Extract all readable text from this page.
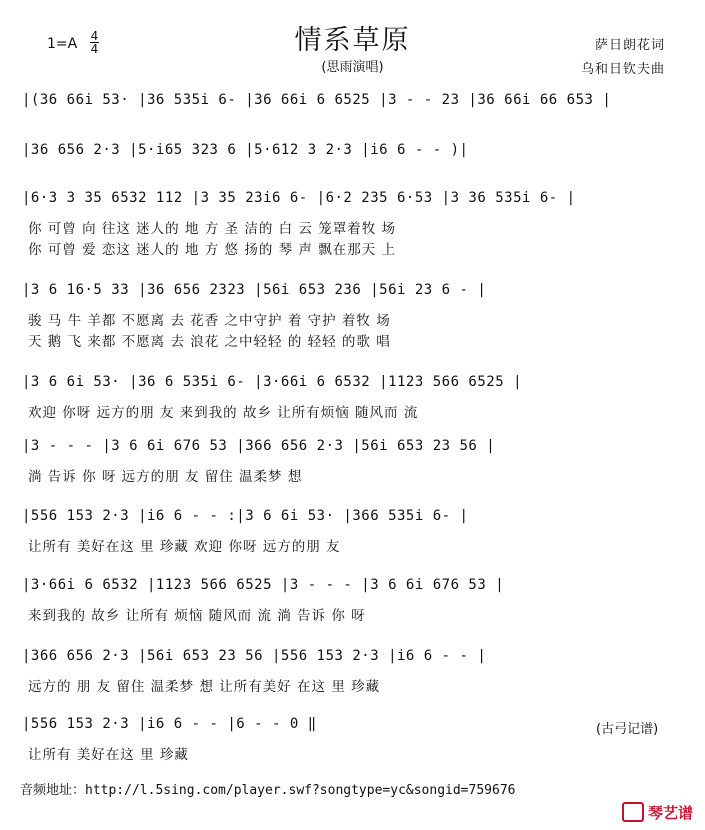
情系草原
(思雨演唱)
1=A 4
4	萨日朗花词
乌和日钦夫曲
|(36 66i 53· |36 535i 6- |36 66i 6 6525 |3 - - 23 |36 66i 66 653 |
|36 656 2·3 |5·i65 323 6 |5·612 3 2·3 |i6 6 - - )|
|6·3 3 35 6532 112 |3 35 23i6 6- |6·2 235 6·53 |3 36 535i 6- |
你 可曾 向 往这 迷人的 地 方 圣 洁的 白 云 笼罩着牧 场
你 可曾 爱 恋这 迷人的 地 方 悠 扬的 琴 声 飘在那天 上
|3 6 16·5 33 |36 656 2323 |56i 653 236 |56i 23 6 - |
骏 马 牛 羊都 不愿离 去 花香 之中守护 着 守护 着牧 场
天 鹅 飞 来都 不愿离 去 浪花 之中轻轻 的 轻轻 的歌 唱
|3 6 6i 53· |36 6 535i 6- |3·66i 6 6532 |1123 566 6525 |
欢迎 你呀 远方的朋 友 来到我的 故乡 让所有烦恼 随风而 流
|3 - - - |3 6 6i 676 53 |366 656 2·3 |56i 653 23 56 |
淌 告诉 你 呀 远方的朋 友 留住 温柔梦 想
|556 153 2·3 |i6 6 - - :|3 6 6i 53· |366 535i 6- |
让所有 美好在这 里 珍藏 欢迎 你呀 远方的朋 友
|3·66i 6 6532 |1123 566 6525 |3 - - - |3 6 6i 676 53 |
来到我的 故乡 让所有 烦恼 随风而 流 淌 告诉 你 呀
|366 656 2·3 |56i 653 23 56 |556 153 2·3 |i6 6 - - |
远方的 朋 友 留住 温柔梦 想 让所有美好 在这 里 珍藏
|556 153 2·3 |i6 6 - - |6 - - 0 ‖
让所有 美好在这 里 珍藏
(古弓记谱)
音频地址：http://l.5sing.com/player.swf?songtype=yc&songid=759676
琴艺谱
